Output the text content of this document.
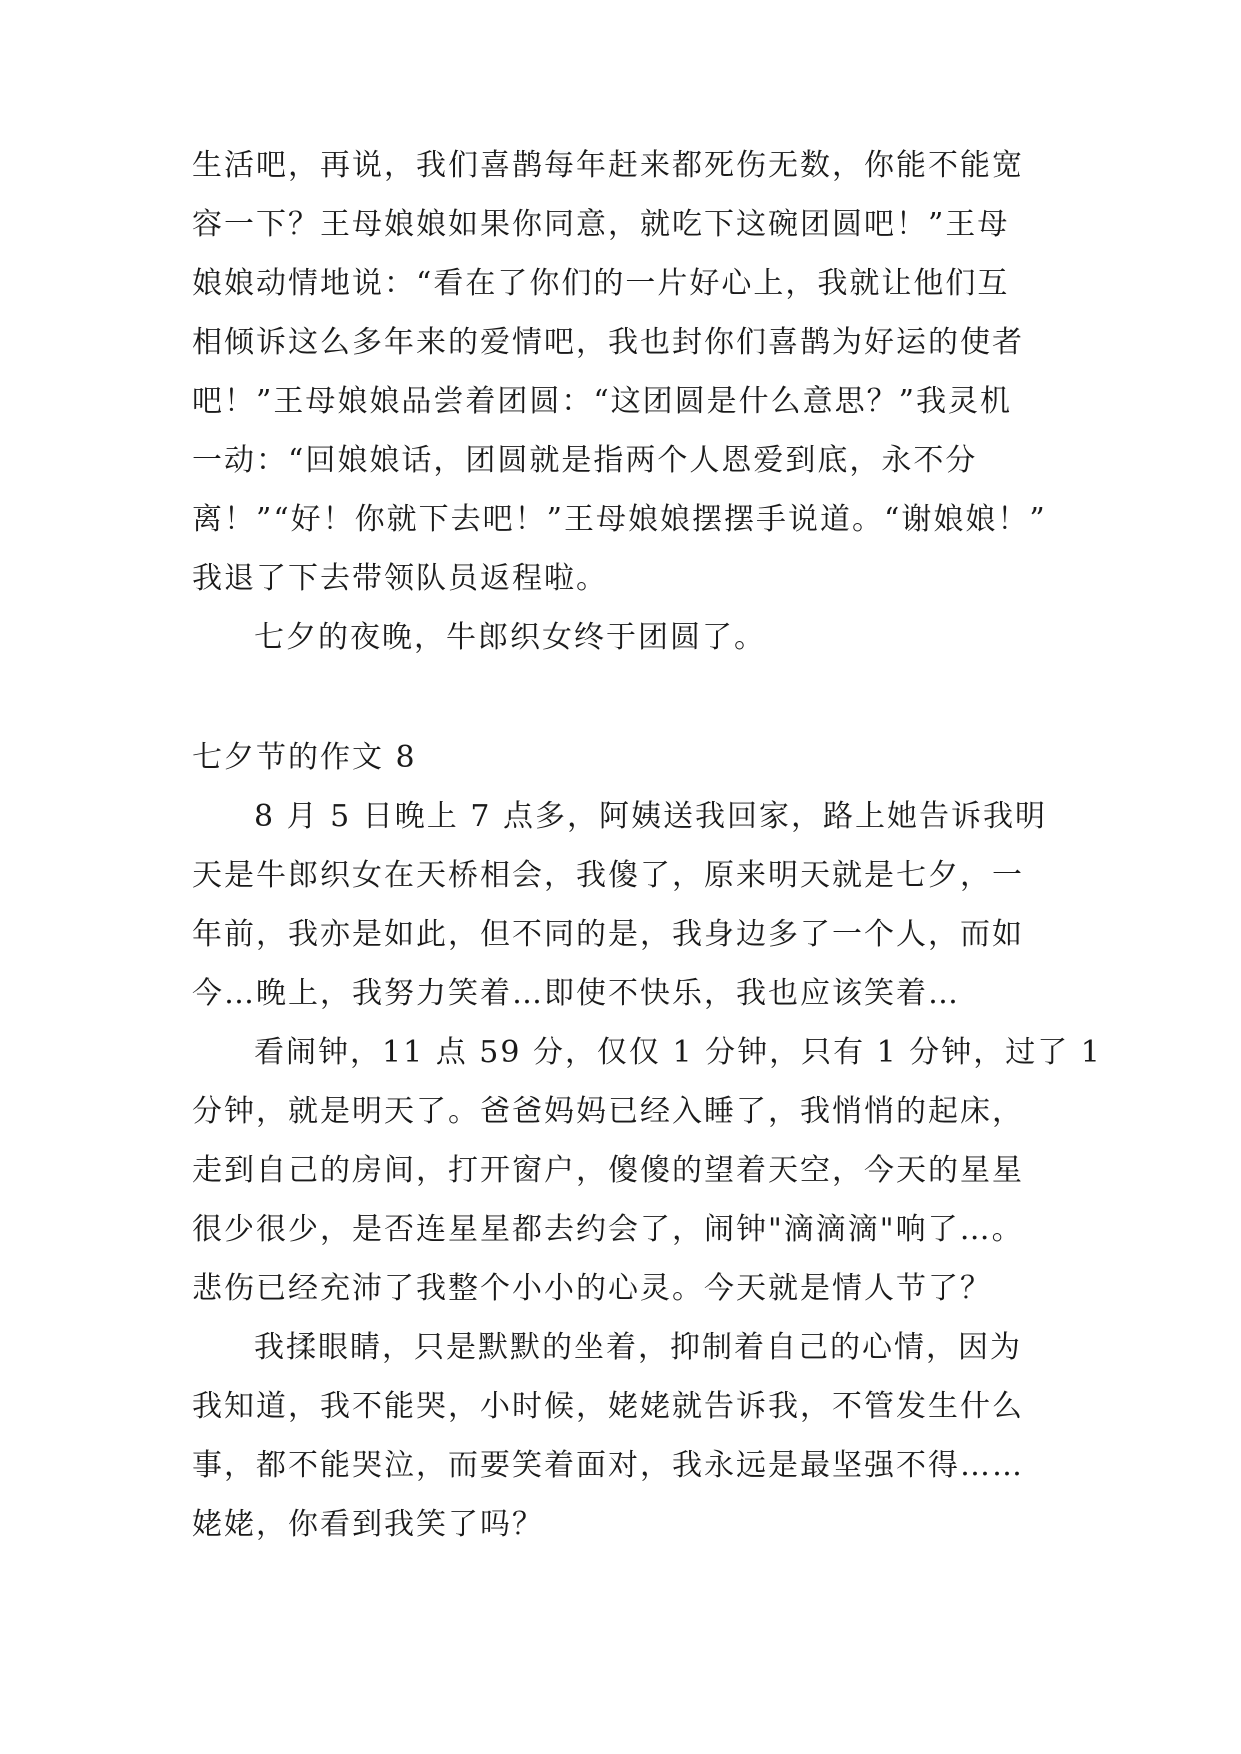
生活吧，再说，我们喜鹊每年赶来都死伤无数，你能不能宽
容一下？王母娘娘如果你同意，就吃下这碗团圆吧！”王母
娘娘动情地说：“看在了你们的一片好心上，我就让他们互
相倾诉这么多年来的爱情吧，我也封你们喜鹊为好运的使者
吧！”王母娘娘品尝着团圆：“这团圆是什么意思？”我灵机
一动：“回娘娘话，团圆就是指两个人恩爱到底，永不分
离！”“好！你就下去吧！”王母娘娘摆摆手说道。“谢娘娘！”
我退了下去带领队员返程啦。
七夕的夜晚，牛郎织女终于团圆了。
七夕节的作文 8
8 月 5 日晚上 7 点多，阿姨送我回家，路上她告诉我明
天是牛郎织女在天桥相会，我傻了，原来明天就是七夕，一
年前，我亦是如此，但不同的是，我身边多了一个人，而如
今…晚上，我努力笑着…即使不快乐，我也应该笑着…
看闹钟，11 点 59 分，仅仅 1 分钟，只有 1 分钟，过了 1
分钟，就是明天了。爸爸妈妈已经入睡了，我悄悄的起床，
走到自己的房间，打开窗户，傻傻的望着天空，今天的星星
很少很少，是否连星星都去约会了，闹钟"滴滴滴"响了…。
悲伤已经充沛了我整个小小的心灵。今天就是情人节了？
我揉眼睛，只是默默的坐着，抑制着自己的心情，因为
我知道，我不能哭，小时候，姥姥就告诉我，不管发生什么
事，都不能哭泣，而要笑着面对，我永远是最坚强不得……
姥姥，你看到我笑了吗？
